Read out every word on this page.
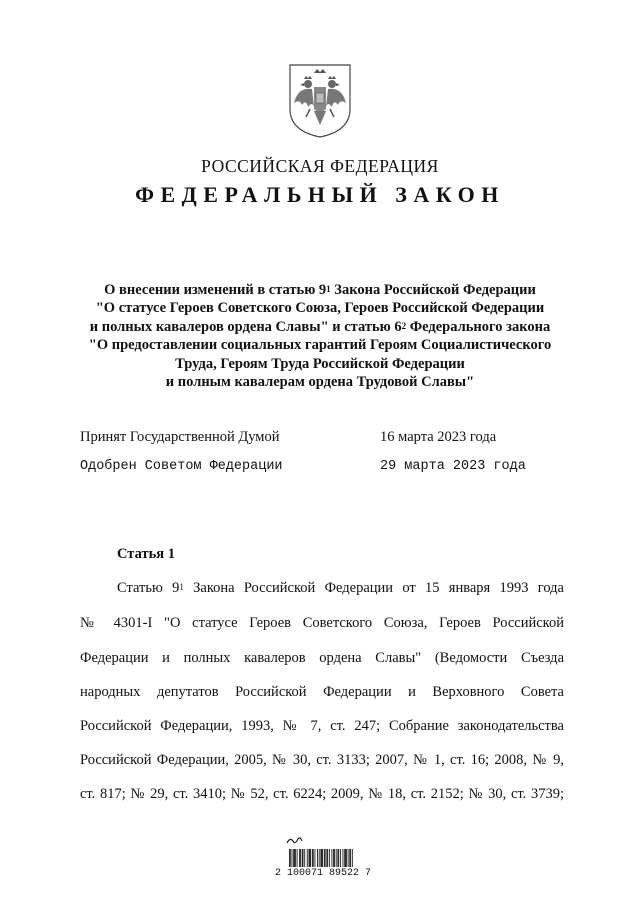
РОССИЙСКАЯ ФЕДЕРАЦИЯ
ФЕДЕРАЛЬНЫЙ ЗАКОН
О внесении изменений в статью $9^1$ Закона Российской Федерации
"О статусе Героев Советского Союза, Героев Российской Федерации
и полных кавалеров ордена Славы" и статью $6^2$ Федерального закона
"О предоставлении социальных гарантий Героям Социалистического
Труда, Героям Труда Российской Федерации
и полным кавалерам ордена Трудовой Славы"
Принят Государственной Думой	16 марта 2023 года
Одобрен Советом Федерации	29 марта 2023 года
Статья 1
Статью $9^1$ Закона Российской Федерации от 15 января 1993 года
№ 4301-I "О статусе Героев Советского Союза, Героев Российской
Федерации и полных кавалеров ордена Славы" (Ведомости Съезда
народных депутатов Российской Федерации и Верховного Совета
Российской Федерации, 1993, № 7, ст. 247; Собрание законодательства
Российской Федерации, 2005, № 30, ст. 3133; 2007, № 1, ст. 16; 2008, № 9,
ст. 817; № 29, ст. 3410; № 52, ст. 6224; 2009, № 18, ст. 2152; № 30, ст. 3739;
2 100071 89522 7
